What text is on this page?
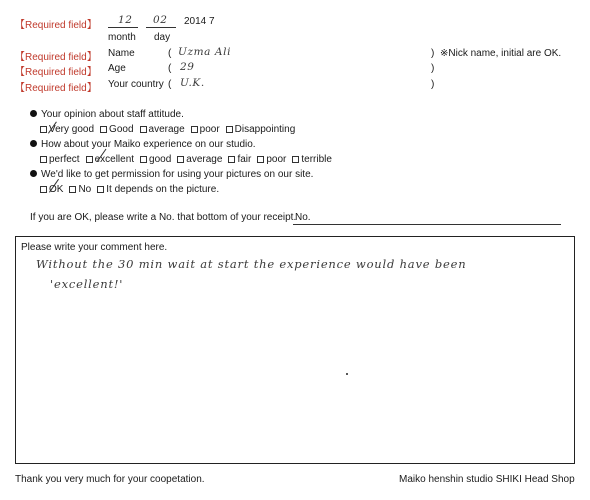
【Required field】 12 02 2014 7
month day
【Required field】 Name	( Uzma Ali	) ※Nick name, initial are OK.
【Required field】 Age	( 29	)
【Required field】 Your country ( U.K.	)
Your opinion about staff attitude.
Very good Good average poor Disappointing
How about your Maiko experience on our studio.
perfect excellent good average fair poor terrible
We'd like to get permission for using your pictures on our site.
OK No It depends on the picture.
If you are OK, please write a No. that bottom of your receipt.
No.
Please write your comment here.
Without the 30 min wait at start the experience would have been
'excellent!'
Thank you very much for your coopetation.	Maiko henshin studio SHIKI Head Shop
